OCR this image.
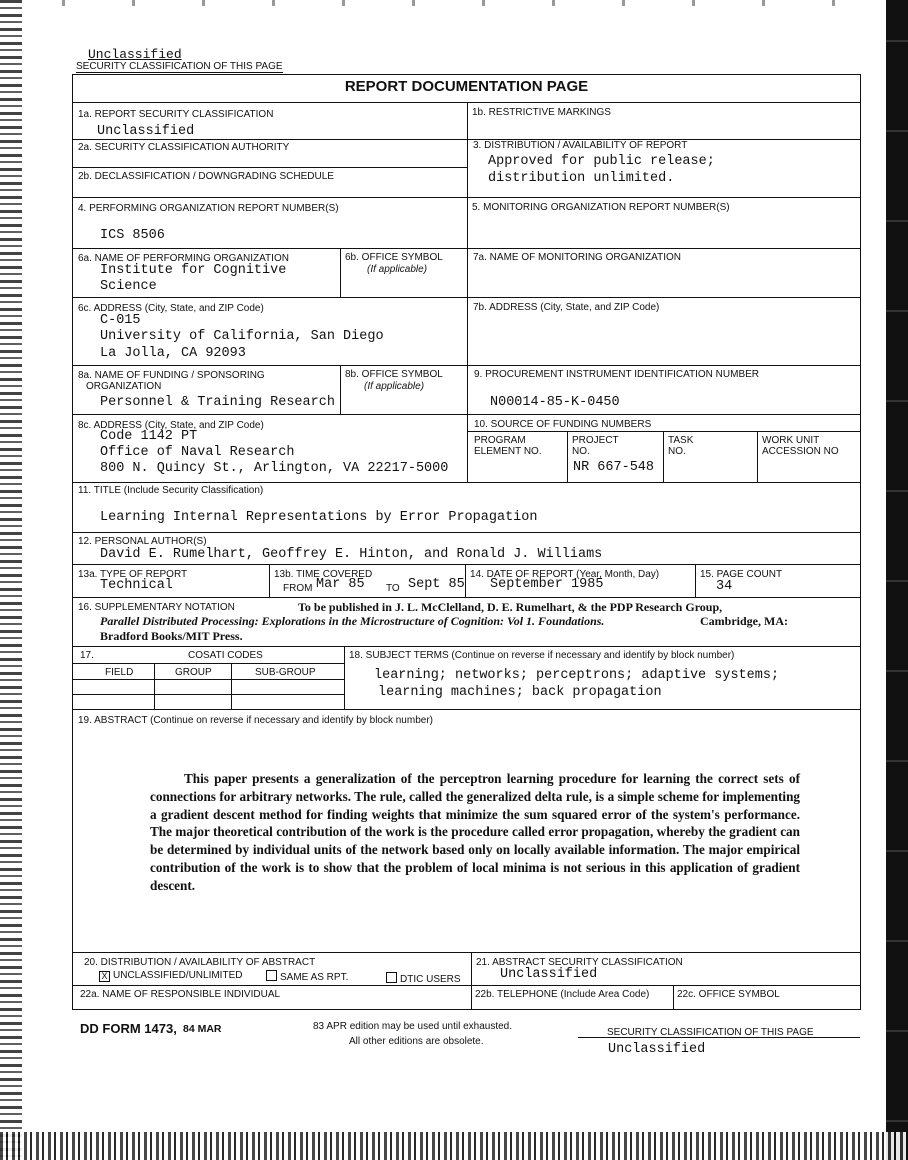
Unclassified
SECURITY CLASSIFICATION OF THIS PAGE
REPORT DOCUMENTATION PAGE
1a. REPORT SECURITY CLASSIFICATION
Unclassified
1b. RESTRICTIVE MARKINGS
2a. SECURITY CLASSIFICATION AUTHORITY	3. DISTRIBUTION / AVAILABILITY OF REPORT
Approved for public release;
distribution unlimited.
2b. DECLASSIFICATION / DOWNGRADING SCHEDULE
4. PERFORMING ORGANIZATION REPORT NUMBER(S)
ICS 8506
5. MONITORING ORGANIZATION REPORT NUMBER(S)
6a. NAME OF PERFORMING ORGANIZATION
Institute for Cognitive
Science
6b. OFFICE SYMBOL
(If applicable)
7a. NAME OF MONITORING ORGANIZATION
6c. ADDRESS (City, State, and ZIP Code)
C-015
University of California, San Diego
La Jolla, CA 92093
7b. ADDRESS (City, State, and ZIP Code)
8a. NAME OF FUNDING / SPONSORING
ORGANIZATION
Personnel & Training Research
8b. OFFICE SYMBOL
(If applicable)
9. PROCUREMENT INSTRUMENT IDENTIFICATION NUMBER
N00014-85-K-0450
8c. ADDRESS (City, State, and ZIP Code)
Code 1142 PT
Office of Naval Research
800 N. Quincy St., Arlington, VA 22217-5000
10. SOURCE OF FUNDING NUMBERS
PROGRAM
ELEMENT NO.
PROJECT
NO.
NR 667-548
TASK
NO.
WORK UNIT
ACCESSION NO
11. TITLE (Include Security Classification)
Learning Internal Representations by Error Propagation
12. PERSONAL AUTHOR(S)
David E. Rumelhart, Geoffrey E. Hinton, and Ronald J. Williams
13a. TYPE OF REPORT
Technical
13b. TIME COVERED
FROM Mar 85 TO Sept 85
14. DATE OF REPORT (Year, Month, Day)
September 1985
15. PAGE COUNT
34
16. SUPPLEMENTARY NOTATION	To be published in J. L. McClelland, D. E. Rumelhart, & the PDP Research Group,
Parallel Distributed Processing: Explorations in the Microstructure of Cognition: Vol 1. Foundations.	Cambridge, MA:
Bradford Books/MIT Press.
17.	COSATI CODES
FIELD	GROUP	SUB-GROUP
18. SUBJECT TERMS (Continue on reverse if necessary and identify by block number)
learning; networks; perceptrons; adaptive systems;
learning machines; back propagation
19. ABSTRACT (Continue on reverse if necessary and identify by block number)

This paper presents a generalization of the perceptron learning procedure for learning the correct sets of connections for arbitrary networks. The rule, called the generalized delta rule, is a simple scheme for implementing a gradient descent method for finding weights that minimize the sum squared error of the system's performance. The major theoretical contribution of the work is the procedure called error propagation, whereby the gradient can be determined by individual units of the network based only on locally available information. The major empirical contribution of the work is to show that the problem of local minima is not serious in this application of gradient descent.

20. DISTRIBUTION / AVAILABILITY OF ABSTRACT
X UNCLASSIFIED/UNLIMITED	SAME AS RPT.	DTIC USERS
21. ABSTRACT SECURITY CLASSIFICATION
Unclassified
22a. NAME OF RESPONSIBLE INDIVIDUAL	22b. TELEPHONE (Include Area Code)	22c. OFFICE SYMBOL
DD FORM 1473, 84 MAR	83 APR edition may be used until exhausted.
All other editions are obsolete.
SECURITY CLASSIFICATION OF THIS PAGE
Unclassified
